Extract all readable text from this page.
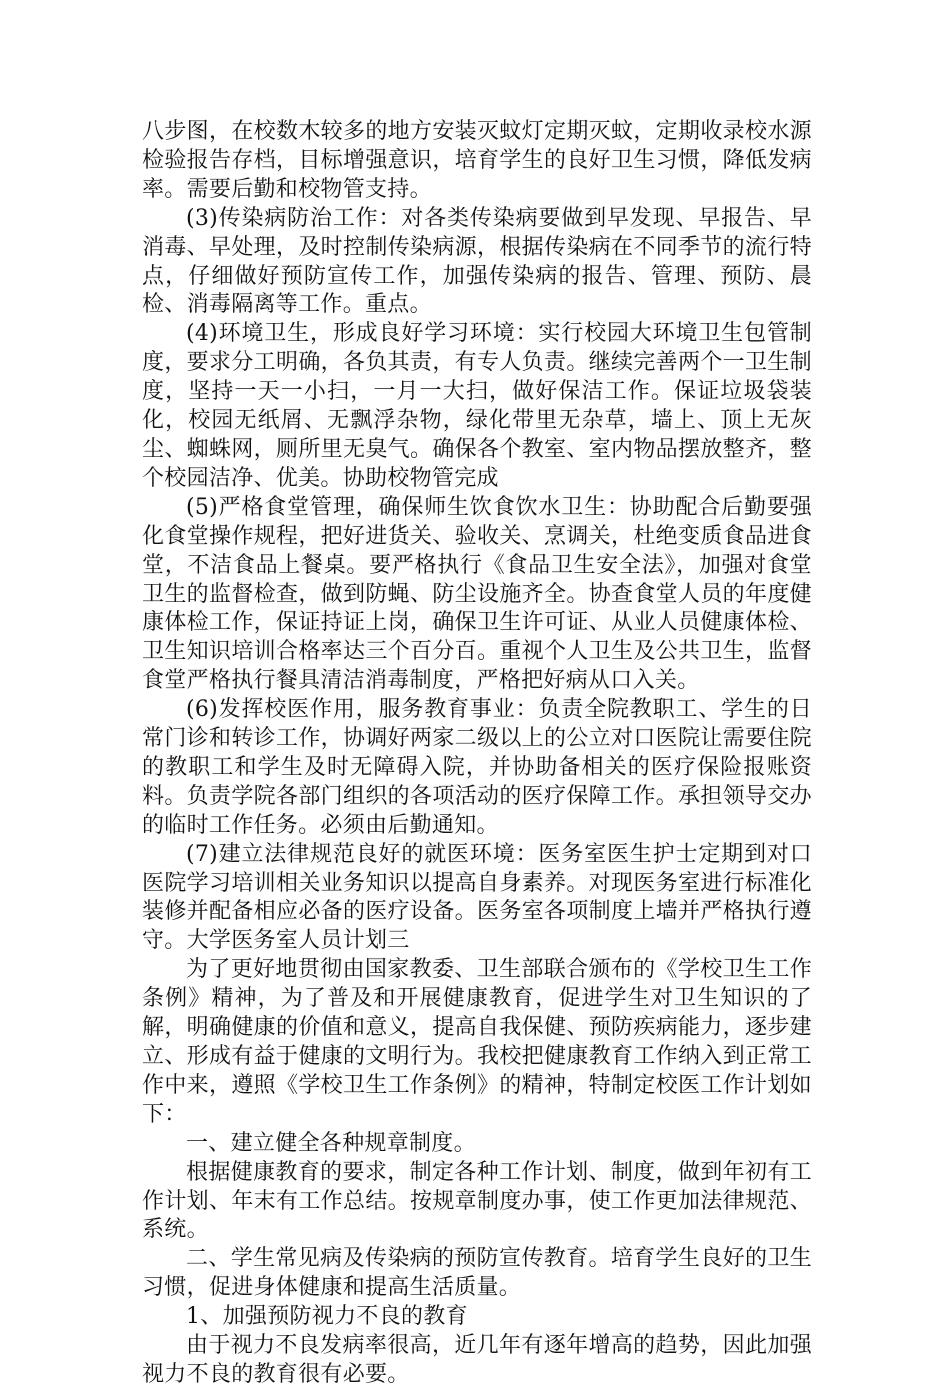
八步图，在校数木较多的地方安装灭蚊灯定期灭蚊，定期收录校水源检验报告存档，目标增强意识，培育学生的良好卫生习惯，降低发病率。需要后勤和校物管支持。

(3)传染病防治工作：对各类传染病要做到早发现、早报告、早消毒、早处理，及时控制传染病源，根据传染病在不同季节的流行特点，仔细做好预防宣传工作，加强传染病的报告、管理、预防、晨检、消毒隔离等工作。重点。

(4)环境卫生，形成良好学习环境：实行校园大环境卫生包管制度，要求分工明确，各负其责，有专人负责。继续完善两个一卫生制度，坚持一天一小扫，一月一大扫，做好保洁工作。保证垃圾袋装化，校园无纸屑、无飘浮杂物，绿化带里无杂草，墙上、顶上无灰尘、蜘蛛网，厕所里无臭气。确保各个教室、室内物品摆放整齐，整个校园洁净、优美。协助校物管完成

(5)严格食堂管理，确保师生饮食饮水卫生：协助配合后勤要强化食堂操作规程，把好进货关、验收关、烹调关，杜绝变质食品进食堂，不洁食品上餐桌。要严格执行《食品卫生安全法》，加强对食堂卫生的监督检查，做到防蝇、防尘设施齐全。协查食堂人员的年度健康体检工作，保证持证上岗，确保卫生许可证、从业人员健康体检、卫生知识培训合格率达三个百分百。重视个人卫生及公共卫生，监督食堂严格执行餐具清洁消毒制度，严格把好病从口入关。

(6)发挥校医作用，服务教育事业：负责全院教职工、学生的日常门诊和转诊工作，协调好两家二级以上的公立对口医院让需要住院的教职工和学生及时无障碍入院，并协助备相关的医疗保险报账资料。负责学院各部门组织的各项活动的医疗保障工作。承担领导交办的临时工作任务。必须由后勤通知。

(7)建立法律规范良好的就医环境：医务室医生护士定期到对口医院学习培训相关业务知识以提高自身素养。对现医务室进行标准化装修并配备相应必备的医疗设备。医务室各项制度上墙并严格执行遵守。大学医务室人员计划三

为了更好地贯彻由国家教委、卫生部联合颁布的《学校卫生工作条例》精神，为了普及和开展健康教育，促进学生对卫生知识的了解，明确健康的价值和意义，提高自我保健、预防疾病能力，逐步建立、形成有益于健康的文明行为。我校把健康教育工作纳入到正常工作中来，遵照《学校卫生工作条例》的精神，特制定校医工作计划如下：

一、建立健全各种规章制度。

根据健康教育的要求，制定各种工作计划、制度，做到年初有工作计划、年末有工作总结。按规章制度办事，使工作更加法律规范、系统。

二、学生常见病及传染病的预防宣传教育。培育学生良好的卫生习惯，促进身体健康和提高生活质量。

1、加强预防视力不良的教育

由于视力不良发病率很高，近几年有逐年增高的趋势，因此加强视力不良的教育很有必要。
